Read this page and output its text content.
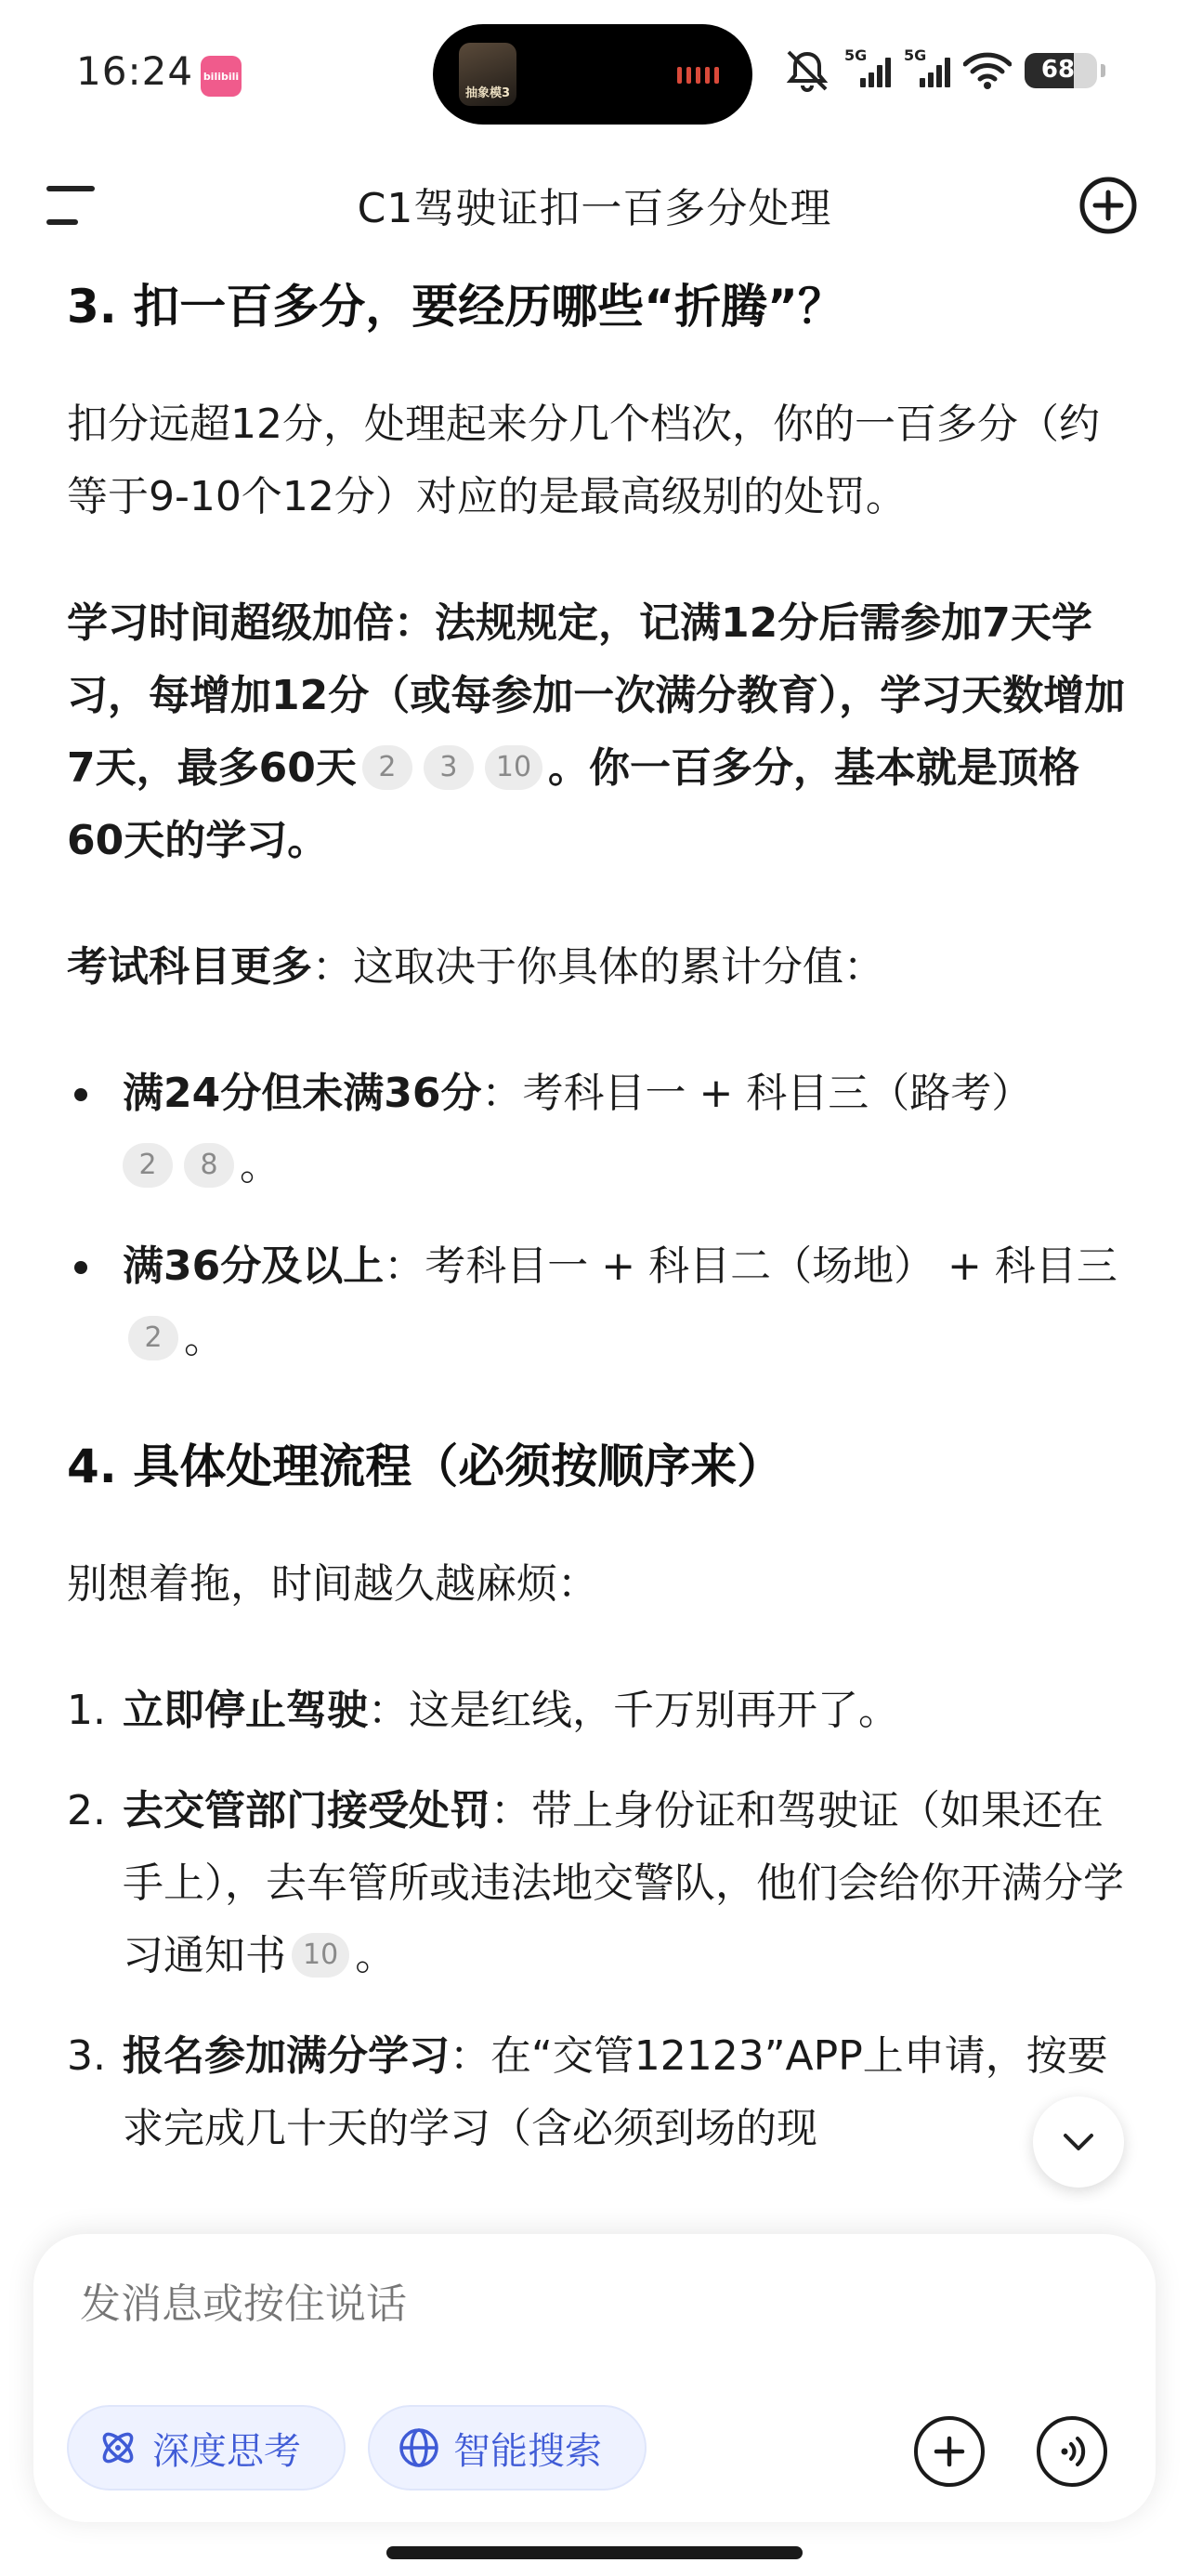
16:24 bilibili
抽象模3
5G 5G
68
C1驾驶证扣一百多分处理
3. 扣一百多分，要经历哪些“折腾”？
扣分远超12分，处理起来分几个档次，你的一百多分（约等于9-10个12分）对应的是最高级别的处罚。
学习时间超级加倍：法规规定，记满12分后需参加7天学习，每增加12分（或每参加一次满分教育），学习天数增加7天，最多60天 2 3 10 。你一百多分，基本就是顶格60天的学习。
考试科目更多：这取决于你具体的累计分值：
满24分但未满36分：考科目一 + 科目三（路考）
2 8 。
满36分及以上：考科目一 + 科目二（场地） + 科目三2 。
4. 具体处理流程（必须按顺序来）
别想着拖，时间越久越麻烦：
1. 立即停止驾驶：这是红线，千万别再开了。
2. 去交管部门接受处罚：带上身份证和驾驶证（如果还在手上），去车管所或违法地交警队，他们会给你开满分学习通知书 10 。
3. 报名参加满分学习：在“交管12123”APP上申请，按要求完成几十天的学习（含必须到场的现
发消息或按住说话
深度思考	智能搜索
